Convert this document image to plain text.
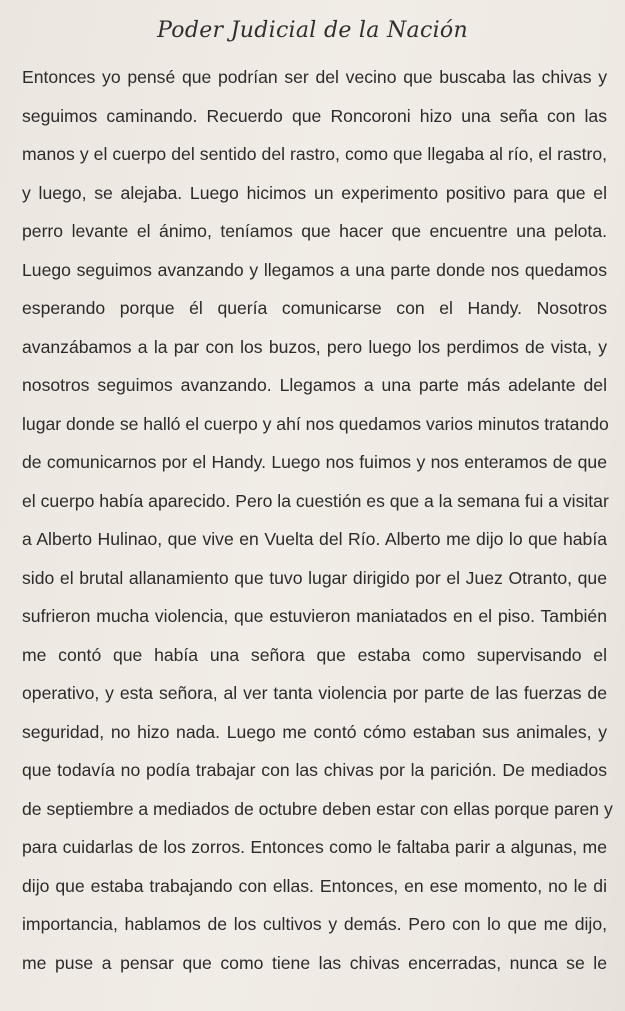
Poder Judicial de la Nación
Entonces yo pensé que podrían ser del vecino que buscaba las chivas y
seguimos caminando. Recuerdo que Roncoroni hizo una seña con las
manos y el cuerpo del sentido del rastro, como que llegaba al río, el rastro,
y luego, se alejaba. Luego hicimos un experimento positivo para que el
perro levante el ánimo, teníamos que hacer que encuentre una pelota.
Luego seguimos avanzando y llegamos a una parte donde nos quedamos
esperando porque él quería comunicarse con el Handy. Nosotros
avanzábamos a la par con los buzos, pero luego los perdimos de vista, y
nosotros seguimos avanzando. Llegamos a una parte más adelante del
lugar donde se halló el cuerpo y ahí nos quedamos varios minutos tratando
de comunicarnos por el Handy. Luego nos fuimos y nos enteramos de que
el cuerpo había aparecido. Pero la cuestión es que a la semana fui a visitar
a Alberto Hulinao, que vive en Vuelta del Río. Alberto me dijo lo que había
sido el brutal allanamiento que tuvo lugar dirigido por el Juez Otranto, que
sufrieron mucha violencia, que estuvieron maniatados en el piso. También
me contó que había una señora que estaba como supervisando el
operativo, y esta señora, al ver tanta violencia por parte de las fuerzas de
seguridad, no hizo nada. Luego me contó cómo estaban sus animales, y
que todavía no podía trabajar con las chivas por la parición. De mediados
de septiembre a mediados de octubre deben estar con ellas porque paren y
para cuidarlas de los zorros. Entonces como le faltaba parir a algunas, me
dijo que estaba trabajando con ellas. Entonces, en ese momento, no le di
importancia, hablamos de los cultivos y demás. Pero con lo que me dijo,
me puse a pensar que como tiene las chivas encerradas, nunca se le
